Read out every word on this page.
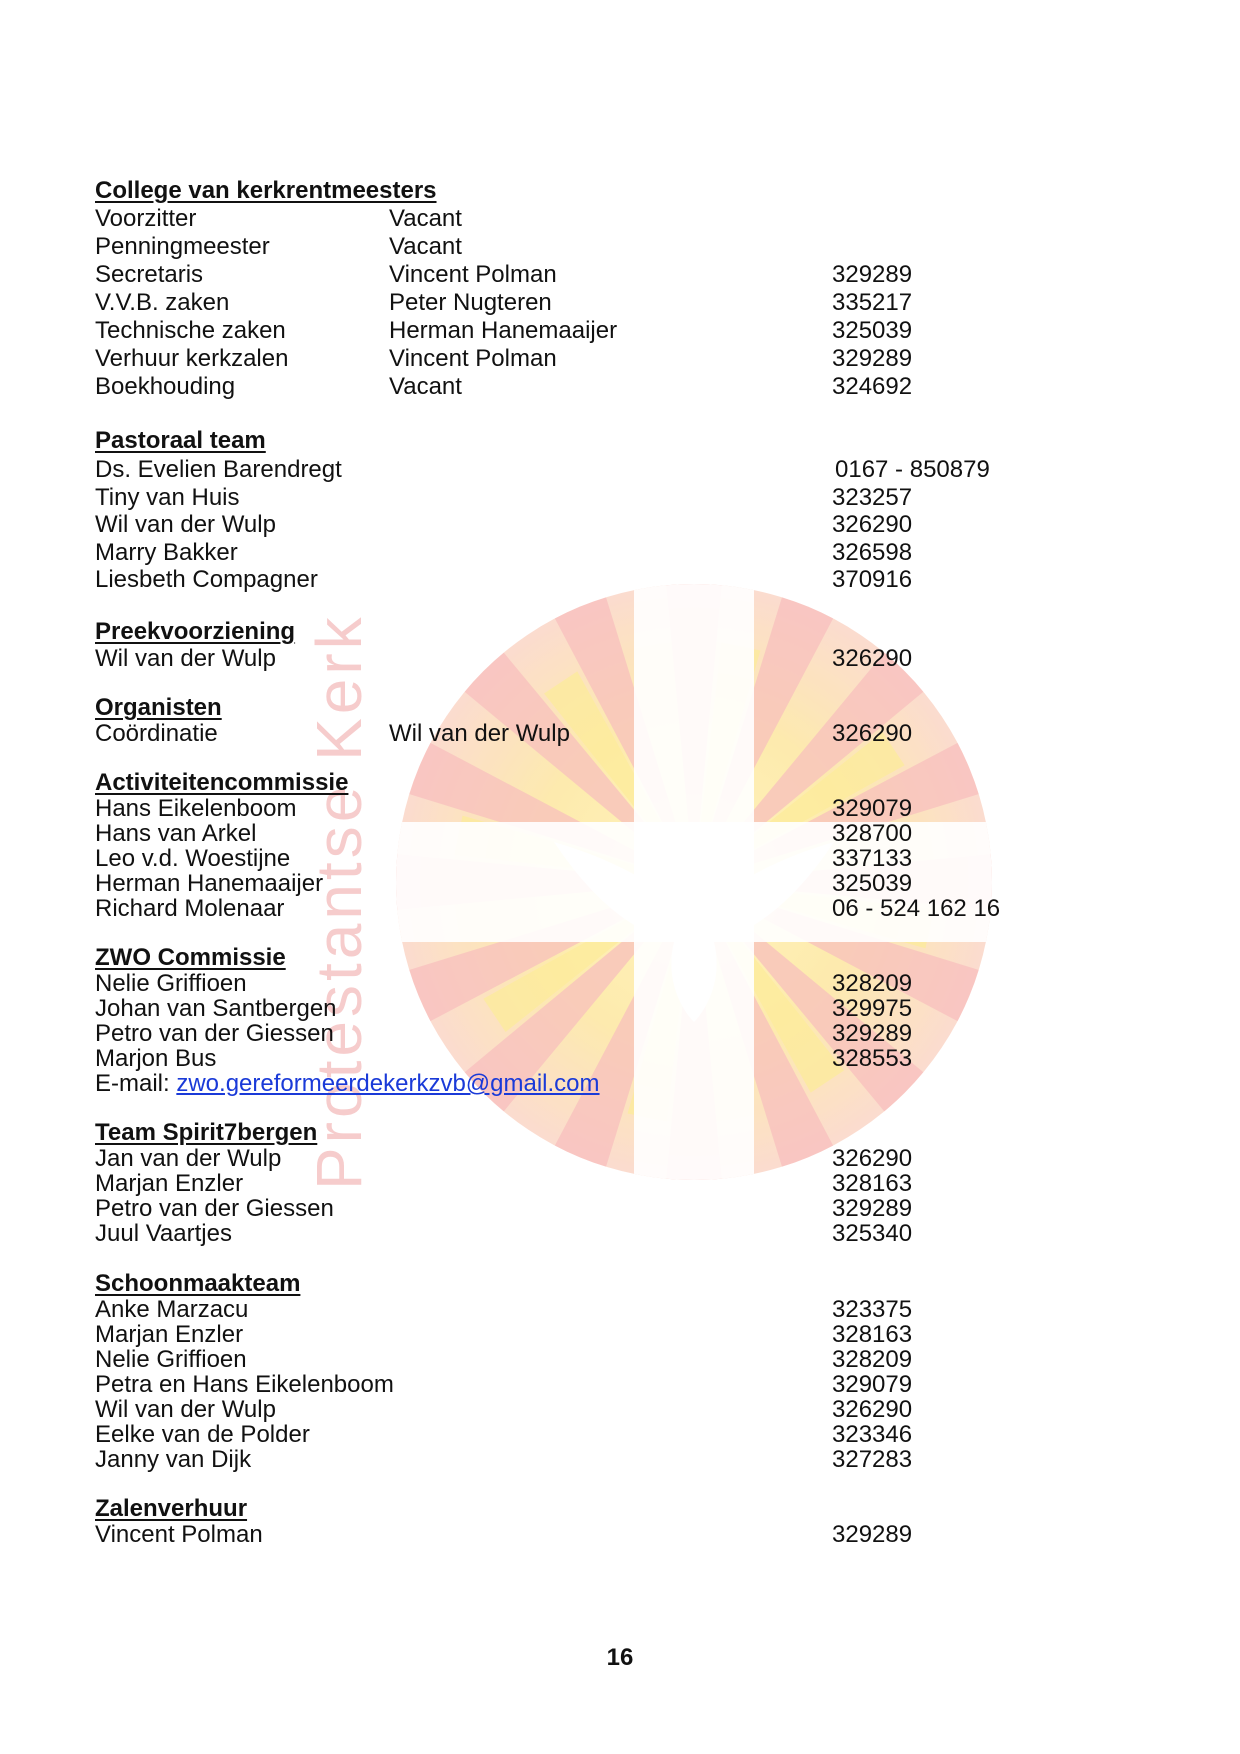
Protestantse Kerk
College van kerkrentmeesters
Voorzitter	Vacant
Penningmeester	Vacant
Secretaris	Vincent Polman	329289
V.V.B. zaken	Peter Nugteren	335217
Technische zaken	Herman Hanemaaijer	325039
Verhuur kerkzalen	Vincent Polman	329289
Boekhouding	Vacant	324692
Pastoraal team
Ds. Evelien Barendregt	0167 - 850879
Tiny van Huis	323257
Wil van der Wulp	326290
Marry Bakker	326598
Liesbeth Compagner	370916
Preekvoorziening
Wil van der Wulp	326290
Organisten
Coördinatie	Wil van der Wulp	326290
Activiteitencommissie
Hans Eikelenboom	329079
Hans van Arkel	328700
Leo v.d. Woestijne	337133
Herman Hanemaaijer	325039
Richard Molenaar	06 - 524 162 16
ZWO Commissie
Nelie Griffioen	328209
Johan van Santbergen	329975
Petro van der Giessen	329289
Marjon Bus	328553
E-mail: zwo.gereformeerdekerkzvb@gmail.com
Team Spirit7bergen
Jan van der Wulp	326290
Marjan Enzler	328163
Petro van der Giessen	329289
Juul Vaartjes	325340
Schoonmaakteam
Anke Marzacu	323375
Marjan Enzler	328163
Nelie Griffioen	328209
Petra en Hans Eikelenboom	329079
Wil van der Wulp	326290
Eelke van de Polder	323346
Janny van Dijk	327283
Zalenverhuur
Vincent Polman	329289
16
